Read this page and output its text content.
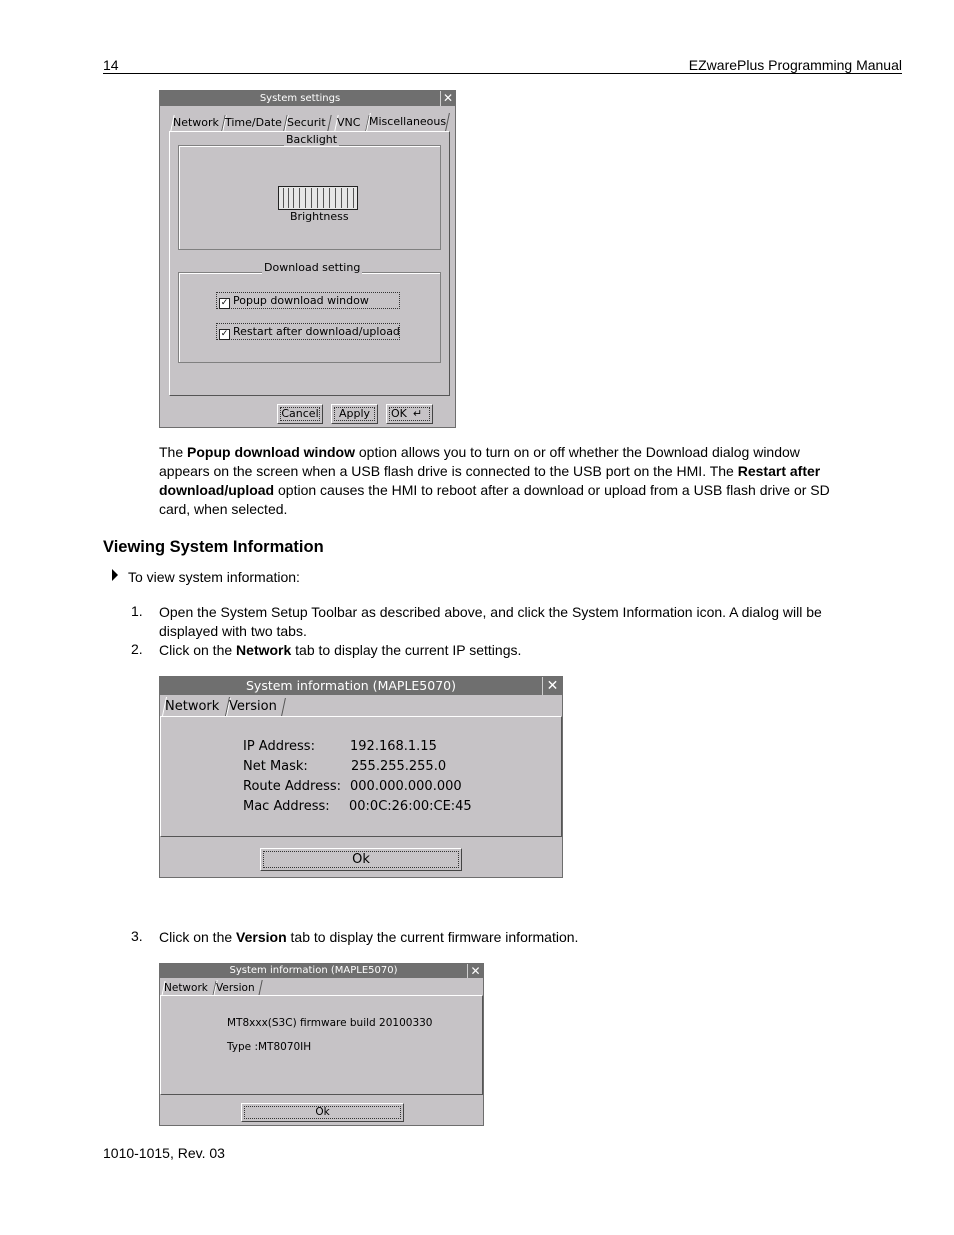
14	EZwarePlus Programming Manual
System settings	✕
Network Time/Date Securit	VNC Miscellaneous
Backlight
Brightness
Download setting
✓ Popup download window
✓ Restart after download/upload
Cancel	Apply	OK ↵
The Popup download window option allows you to turn on or off whether the Download dialog window appears on the screen when a USB flash drive is connected to the USB port on the HMI. The Restart after download/upload option causes the HMI to reboot after a download or upload from a USB flash drive or SD card, when selected.
Viewing System Information
To view system information:
1. Open the System Setup Toolbar as described above, and click the System Information icon. A dialog will be displayed with two tabs.
2. Click on the Network tab to display the current IP settings.
System information (MAPLE5070)	✕
Network Version
IP Address:	192.168.1.15
Net Mask:	255.255.255.0
Route Address: 000.000.000.000
Mac Address: 00:0C:26:00:CE:45
Ok
3. Click on the Version tab to display the current firmware information.
System information (MAPLE5070)	✕
Network Version
MT8xxx(S3C) firmware build 20100330
Type :MT8070IH
Ok
1010-1015, Rev. 03
